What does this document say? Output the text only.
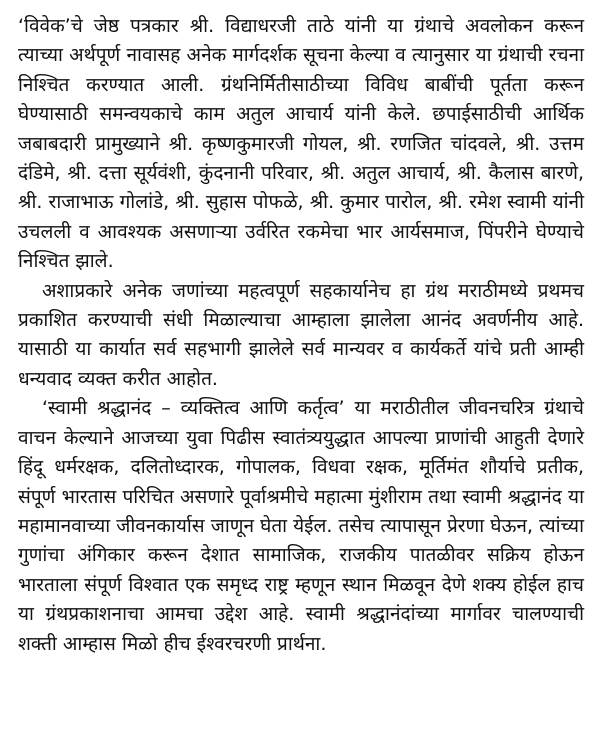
‘विवेक’चे जेष्ठ पत्रकार श्री. विद्याधरजी ताठे यांनी या ग्रंथाचे अवलोकन करून त्याच्या अर्थपूर्ण नावासह अनेक मार्गदर्शक सूचना केल्या व त्यानुसार या ग्रंथाची रचना निश्चित करण्यात आली. ग्रंथनिर्मितीसाठीच्या विविध बाबींची पूर्तता करून घेण्यासाठी समन्वयकाचे काम अतुल आचार्य यांनी केले. छपाईसाठीची आर्थिक जबाबदारी प्रामुख्याने श्री. कृष्णकुमारजी गोयल, श्री. रणजित चांदवले, श्री. उत्तम दंडिमे, श्री. दत्ता सूर्यवंशी, कुंदनानी परिवार, श्री. अतुल आचार्य, श्री. कैलास बारणे, श्री. राजाभाऊ गोलांडे, श्री. सुहास पोफळे, श्री. कुमार पारोल, श्री. रमेश स्वामी यांनी उचलली व आवश्यक असणाऱ्या उर्वरित रकमेचा भार आर्यसमाज, पिंपरीने घेण्याचे निश्चित झाले.

अशाप्रकारे अनेक जणांच्या महत्वपूर्ण सहकार्यानेच हा ग्रंथ मराठीमध्ये प्रथमच प्रकाशित करण्याची संधी मिळाल्याचा आम्हाला झालेला आनंद अवर्णनीय आहे. यासाठी या कार्यात सर्व सहभागी झालेले सर्व मान्यवर व कार्यकर्ते यांचे प्रती आम्ही धन्यवाद व्यक्त करीत आहोत.

‘स्वामी श्रद्धानंद – व्यक्तित्व आणि कर्तृत्व’ या मराठीतील जीवनचरित्र ग्रंथाचे वाचन केल्याने आजच्या युवा पिढीस स्वातंत्र्ययुद्धात आपल्या प्राणांची आहुती देणारे हिंदू धर्मरक्षक, दलितोध्दारक, गोपालक, विधवा रक्षक, मूर्तिमंत शौर्याचे प्रतीक, संपूर्ण भारतास परिचित असणारे पूर्वाश्रमीचे महात्मा मुंशीराम तथा स्वामी श्रद्धानंद या महामानवाच्या जीवनकार्यास जाणून घेता येईल. तसेच त्यापासून प्रेरणा घेऊन, त्यांच्या गुणांचा अंगिकार करून देशात सामाजिक, राजकीय पातळीवर सक्रिय होऊन भारताला संपूर्ण विश्वात एक समृध्द राष्ट्र म्हणून स्थान मिळवून देणे शक्य होईल हाच या ग्रंथप्रकाशनाचा आमचा उद्देश आहे. स्वामी श्रद्धानंदांच्या मार्गावर चालण्याची शक्ती आम्हास मिळो हीच ईश्वरचरणी प्रार्थना.
